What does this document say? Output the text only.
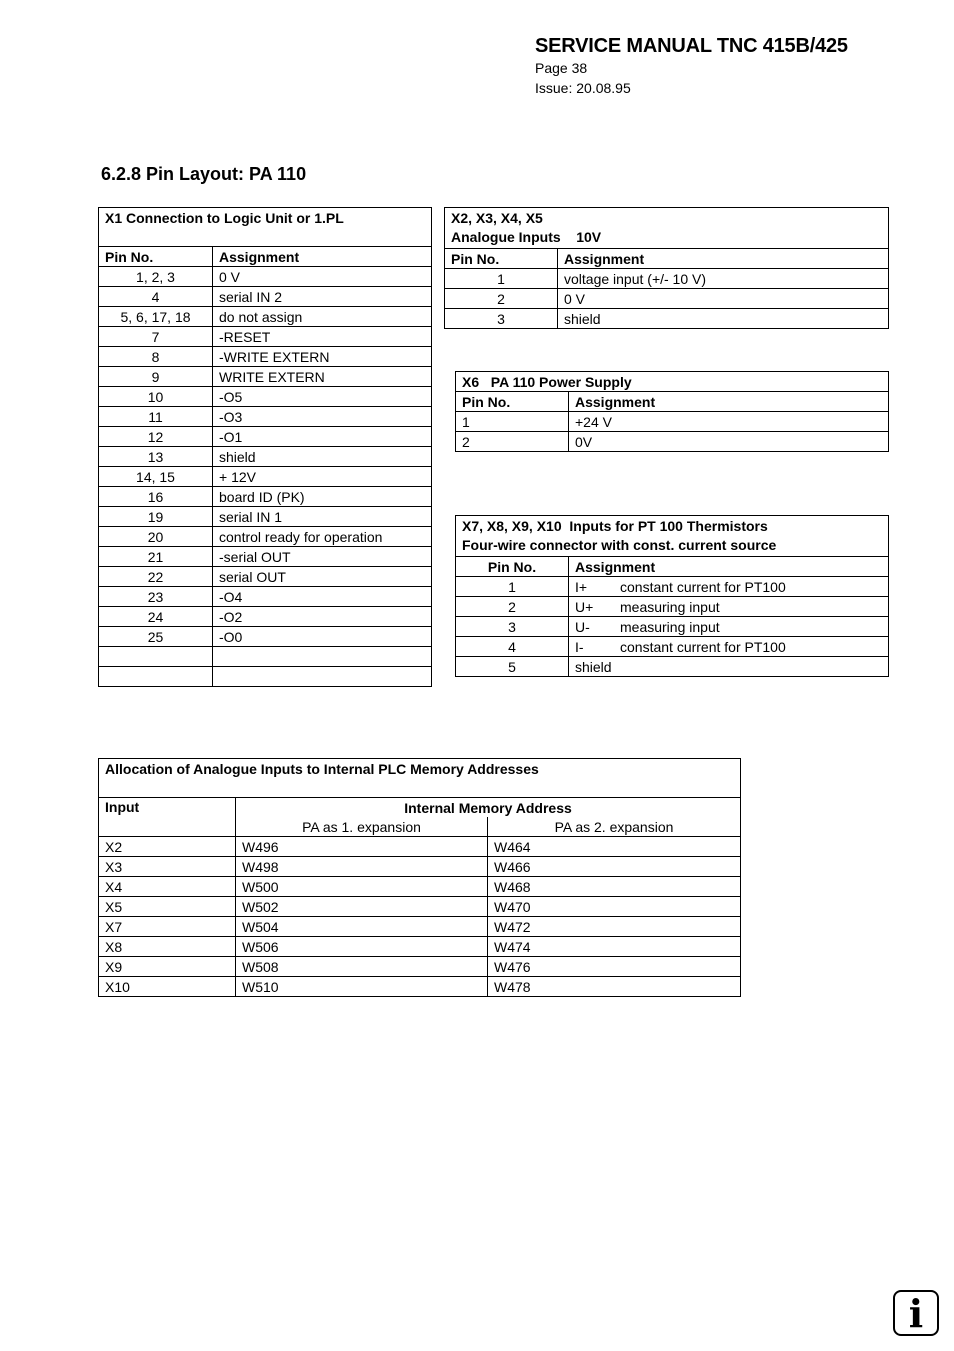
SERVICE MANUAL TNC 415B/425
Page 38
Issue: 20.08.95
6.2.8 Pin Layout: PA 110
X1 Connection to Logic Unit or 1.PL	
Pin No.	Assignment
1, 2, 3	0 V
4	serial IN 2
5, 6, 17, 18	do not assign
7	-RESET
8	-WRITE EXTERN
9	WRITE EXTERN
10	-O5
11	-O3
12	-O1
13	shield
14, 15	+ 12V
16	board ID (PK)
19	serial IN 1
20	control ready for operation
21	-serial OUT
22	serial OUT
23	-O4
24	-O2
25	-O0

X2, X3, X4, X5
Analogue Inputs    10V	

Pin No.	Assignment
1	voltage input (+/- 10 V)
2	0 V
3	shield
X6   PA 110 Power Supply	
Pin No.	Assignment
1	+24 V
2	0V
X7, X8, X9, X10  Inputs for PT 100 Thermistors
Four-wire connector with const. current source	

Pin No.	Assignment
1	I+ constant current for PT100
2	U+ measuring input
3	U- measuring input
4	I- constant current for PT100
5	shield
Allocation of Analogue Inputs to Internal PLC Memory Addresses		
Input	Internal Memory Address	
	PA as 1. expansion	PA as 2. expansion
X2	W496	W464
X3	W498	W466
X4	W500	W468
X5	W502	W470
X7	W504	W472
X8	W506	W474
X9	W508	W476
X10	W510	W478
i
